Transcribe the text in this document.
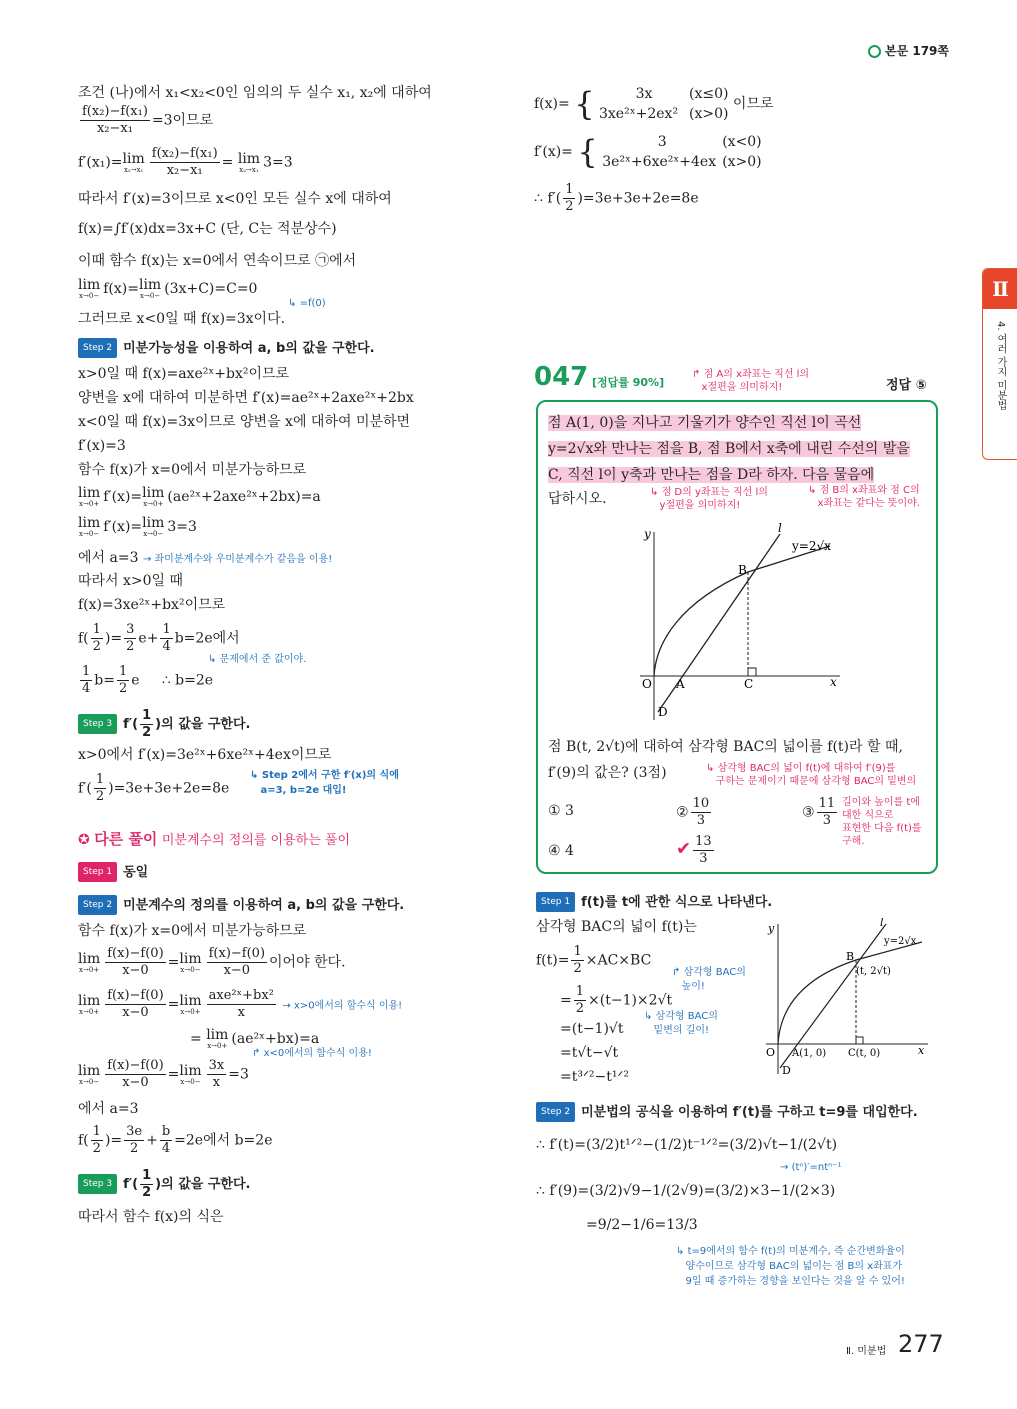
본문 179쪽
Ⅱ
4. 여러 가지 미분법
조건 (나)에서 x₁<x₂<0인 임의의 두 실수 x₁, x₂에 대하여
$\frac{\text{f(x₂)−f(x₁)}}{\text{x₂−x₁}} =3$이므로
f′(x₁)= lim
$x_2\to x_1 \frac{\text{f(x₂)−f(x₁)}}{\text{x₂−x₁}} = \lim$
x₂→x₁ 3=3
따라서 f′(x)=3이므로 x<0인 모든 실수 x에 대하여
f(x)=∫f′(x)dx=3x+C (단, C는 적분상수)
이때 함수 f(x)는 x=0에서 연속이므로 ㉠에서
lim
x→0− f(x)= lim
x→0− (3x+C)=C=0
↳ =f(0)
그러므로 x<0일 때 f(x)=3x이다.
Step 2 미분가능성을 이용하여 a, b의 값을 구한다.
x>0일 때 f(x)=axe²ˣ+bx²이므로
양변을 x에 대하여 미분하면 f′(x)=ae²ˣ+2axe²ˣ+2bx
x<0일 때 f(x)=3x이므로 양변을 x에 대하여 미분하면
f′(x)=3
함수 f(x)가 x=0에서 미분가능하므로
lim
x→0+ f′(x)= lim
x→0+ (ae²ˣ+2axe²ˣ+2bx)=a
lim
x→0− f′(x)= lim
x→0− 3=3
에서 a=3 → 좌미분계수와 우미분계수가 같음을 이용!
따라서 x>0일 때
f(x)=3xe²ˣ+bx²이므로
$f( \frac{1}{2}$ )= $\frac{3}{2} e+ \frac{1}{4} b=2e$에서
↳ 문제에서 준 값이야.
$\frac{1}{4} b= \frac{1}{2}$ e ∴ b=2e
Step 3 $f'( \frac{1}{2}$ )의 값을 구한다.
x>0에서 f′(x)=3e²ˣ+6xe²ˣ+4ex이므로
$f'( \frac{1}{2} )=3e+3e+2e=8e$
↳ Step 2에서 구한 f′(x)의 식에
a=3, b=2e 대입!
✪ 다른 풀이 미분계수의 정의를 이용하는 풀이
Step 1 동일
Step 2 미분계수의 정의를 이용하여 a, b의 값을 구한다.
함수 f(x)가 x=0에서 미분가능하므로
lim
$x\to 0+ \frac{f(x)-f(0)}{x-0} = \lim$
$x\to 0- \frac{f(x)-f(0)}{x-0}$ 이어야 한다.
lim
$x\to 0+ \frac{f(x)-f(0)}{x-0} = \lim$
$x\to 0+ \frac{\text{axe²ˣ+bx²}}{x} \to x>0$에서의 함수식 이용!
= lim
x→0+ (ae²ˣ+bx)=a
↱ x<0에서의 함수식 이용!
lim
$x\to 0- \frac{f(x)-f(0)}{x-0} = \lim$
$x\to 0- \frac{3x}{x} =3$
에서 a=3
$f( \frac{1}{2}$ )= $\frac{3e}{2} + \frac{b}{4} =2e$에서 b=2e
Step 3 $f'( \frac{1}{2}$ )의 값을 구한다.
따라서 함수 f(x)의 식은
f(x)= {	3x	(x≤0)
3xe²ˣ+2ex² (x>0) 이므로
f′(x)= {	3	(x<0)
3e²ˣ+6xe²ˣ+4ex (x>0)
∴ $f'( \frac{1}{2} )=3e+3e+2e=8e$
047 [정답률 90%]
↱ 점 A의 x좌표는 직선 l의
x절편을 의미하지!	정답 ⑤
점 A(1, 0)을 지나고 기울기가 양수인 직선 l이 곡선
y=2√x와 만나는 점을 B, 점 B에서 x축에 내린 수선의 발을
C, 직선 l이 y축과 만나는 점을 D라 하자. 다음 물음에
답하시오.	↳ 점 D의 y좌표는 직선 l의
y절편을 의미하지!
↳ 점 B의 x좌표와 점 C의
x좌표는 같다는 뜻이야.
y	l
y=2√x
B
O A	C	x
D
점 B(t, 2√t)에 대하여 삼각형 BAC의 넓이를 f(t)라 할 때,
f′(9)의 값은? (3점)	↳ 삼각형 BAC의 넓이 f(t)에 대하여 f′(9)를
구하는 문제이기 때문에 삼각형 BAC의 밑변의
길이와 높이를 t에
대한 식으로
표현한 다음 f(t)를
구해.
① 3	② $\frac{10}{3}$	③ $\frac{11}{3}$
④ 4	✔ $\frac{13}{3}$
Step 1 f(t)를 t에 관한 식으로 나타낸다.
삼각형 BAC의 넓이 f(t)는
$f(t)= \frac{1}{2} \times AC\times BC$
= $\frac{1}{2} \times(t-1)\times 2√t$
=(t−1)√t
=t√t−√t
=t³ᐟ²−t¹ᐟ²
↱ 삼각형 BAC의
높이!
↳ 삼각형 BAC의
밑변의 길이!
y	l
y=2√x
B
(t, 2√t)
O A(1, 0) C(t, 0)	x
D
Step 2 미분법의 공식을 이용하여 f′(t)를 구하고 t=9를 대입한다.
∴ f′(t)=(3/2)t¹ᐟ²−(1/2)t⁻¹ᐟ²=(3/2)√t−1/(2√t)
→ (tⁿ)′=ntⁿ⁻¹
∴ f′(9)=(3/2)√9−1/(2√9)=(3/2)×3−1/(2×3)
=9/2−1/6=13/3
↳ t=9에서의 함수 f(t)의 미분계수, 즉 순간변화율이
양수이므로 삼각형 BAC의 넓이는 점 B의 x좌표가
9일 때 증가하는 경향을 보인다는 것을 알 수 있어!
Ⅱ. 미분법 277
